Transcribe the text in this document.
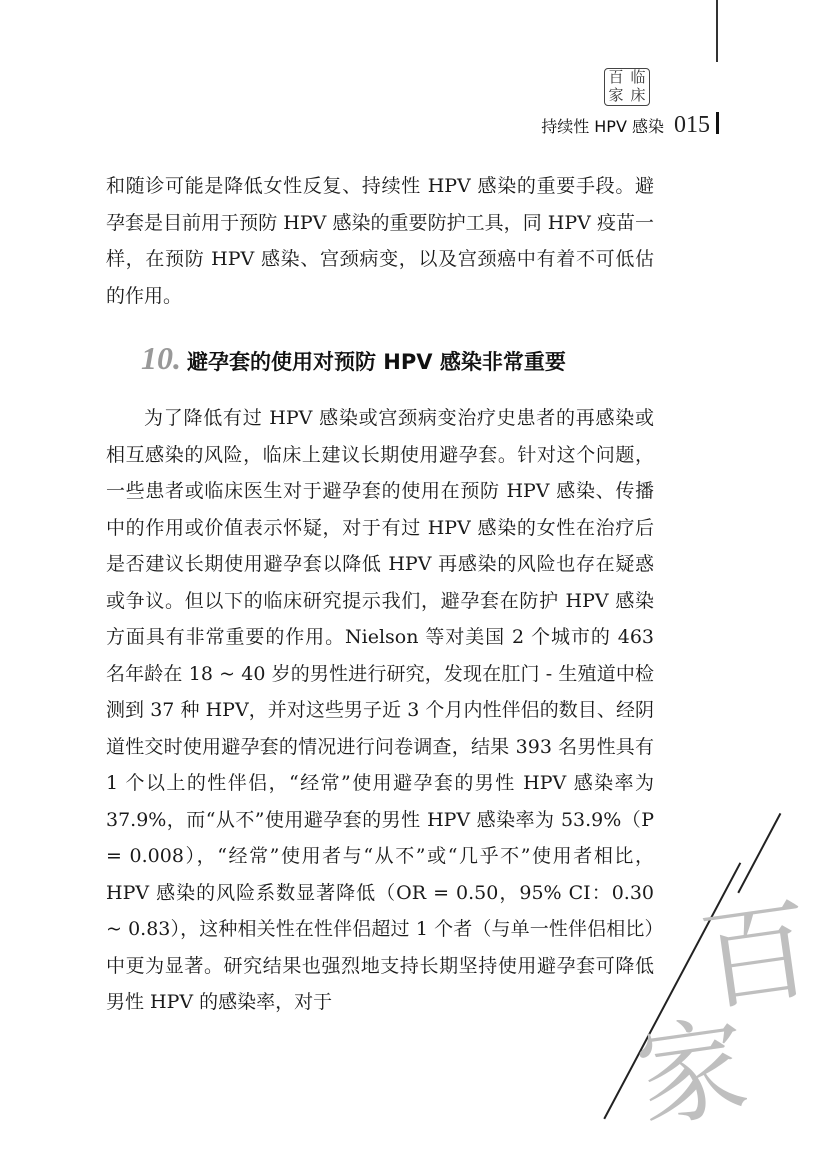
百 临
家 床
持续性 HPV 感染 015

和随诊可能是降低女性反复、持续性 HPV 感染的重要手段。避孕套是目前用于预防 HPV 感染的重要防护工具，同 HPV 疫苗一样，在预防 HPV 感染、宫颈病变，以及宫颈癌中有着不可低估的作用。

10. 避孕套的使用对预防 HPV 感染非常重要

为了降低有过 HPV 感染或宫颈病变治疗史患者的再感染或相互感染的风险，临床上建议长期使用避孕套。针对这个问题，一些患者或临床医生对于避孕套的使用在预防 HPV 感染、传播中的作用或价值表示怀疑，对于有过 HPV 感染的女性在治疗后是否建议长期使用避孕套以降低 HPV 再感染的风险也存在疑惑或争议。但以下的临床研究提示我们，避孕套在防护 HPV 感染方面具有非常重要的作用。Nielson 等对美国 2 个城市的 463 名年龄在 18 ~ 40 岁的男性进行研究，发现在肛门 - 生殖道中检测到 37 种 HPV，并对这些男子近 3 个月内性伴侣的数目、经阴道性交时使用避孕套的情况进行问卷调查，结果 393 名男性具有 1 个以上的性伴侣，“经常”使用避孕套的男性 HPV 感染率为 37.9%，而“从不”使用避孕套的男性 HPV 感染率为 53.9%（P = 0.008），“经常”使用者与“从不”或“几乎不”使用者相比，HPV 感染的风险系数显著降低（OR = 0.50，95% CI：0.30 ~ 0.83），这种相关性在性伴侣超过 1 个者（与单一性伴侣相比）中更为显著。研究结果也强烈地支持长期坚持使用避孕套可降低男性 HPV 的感染率，对于	百
家
